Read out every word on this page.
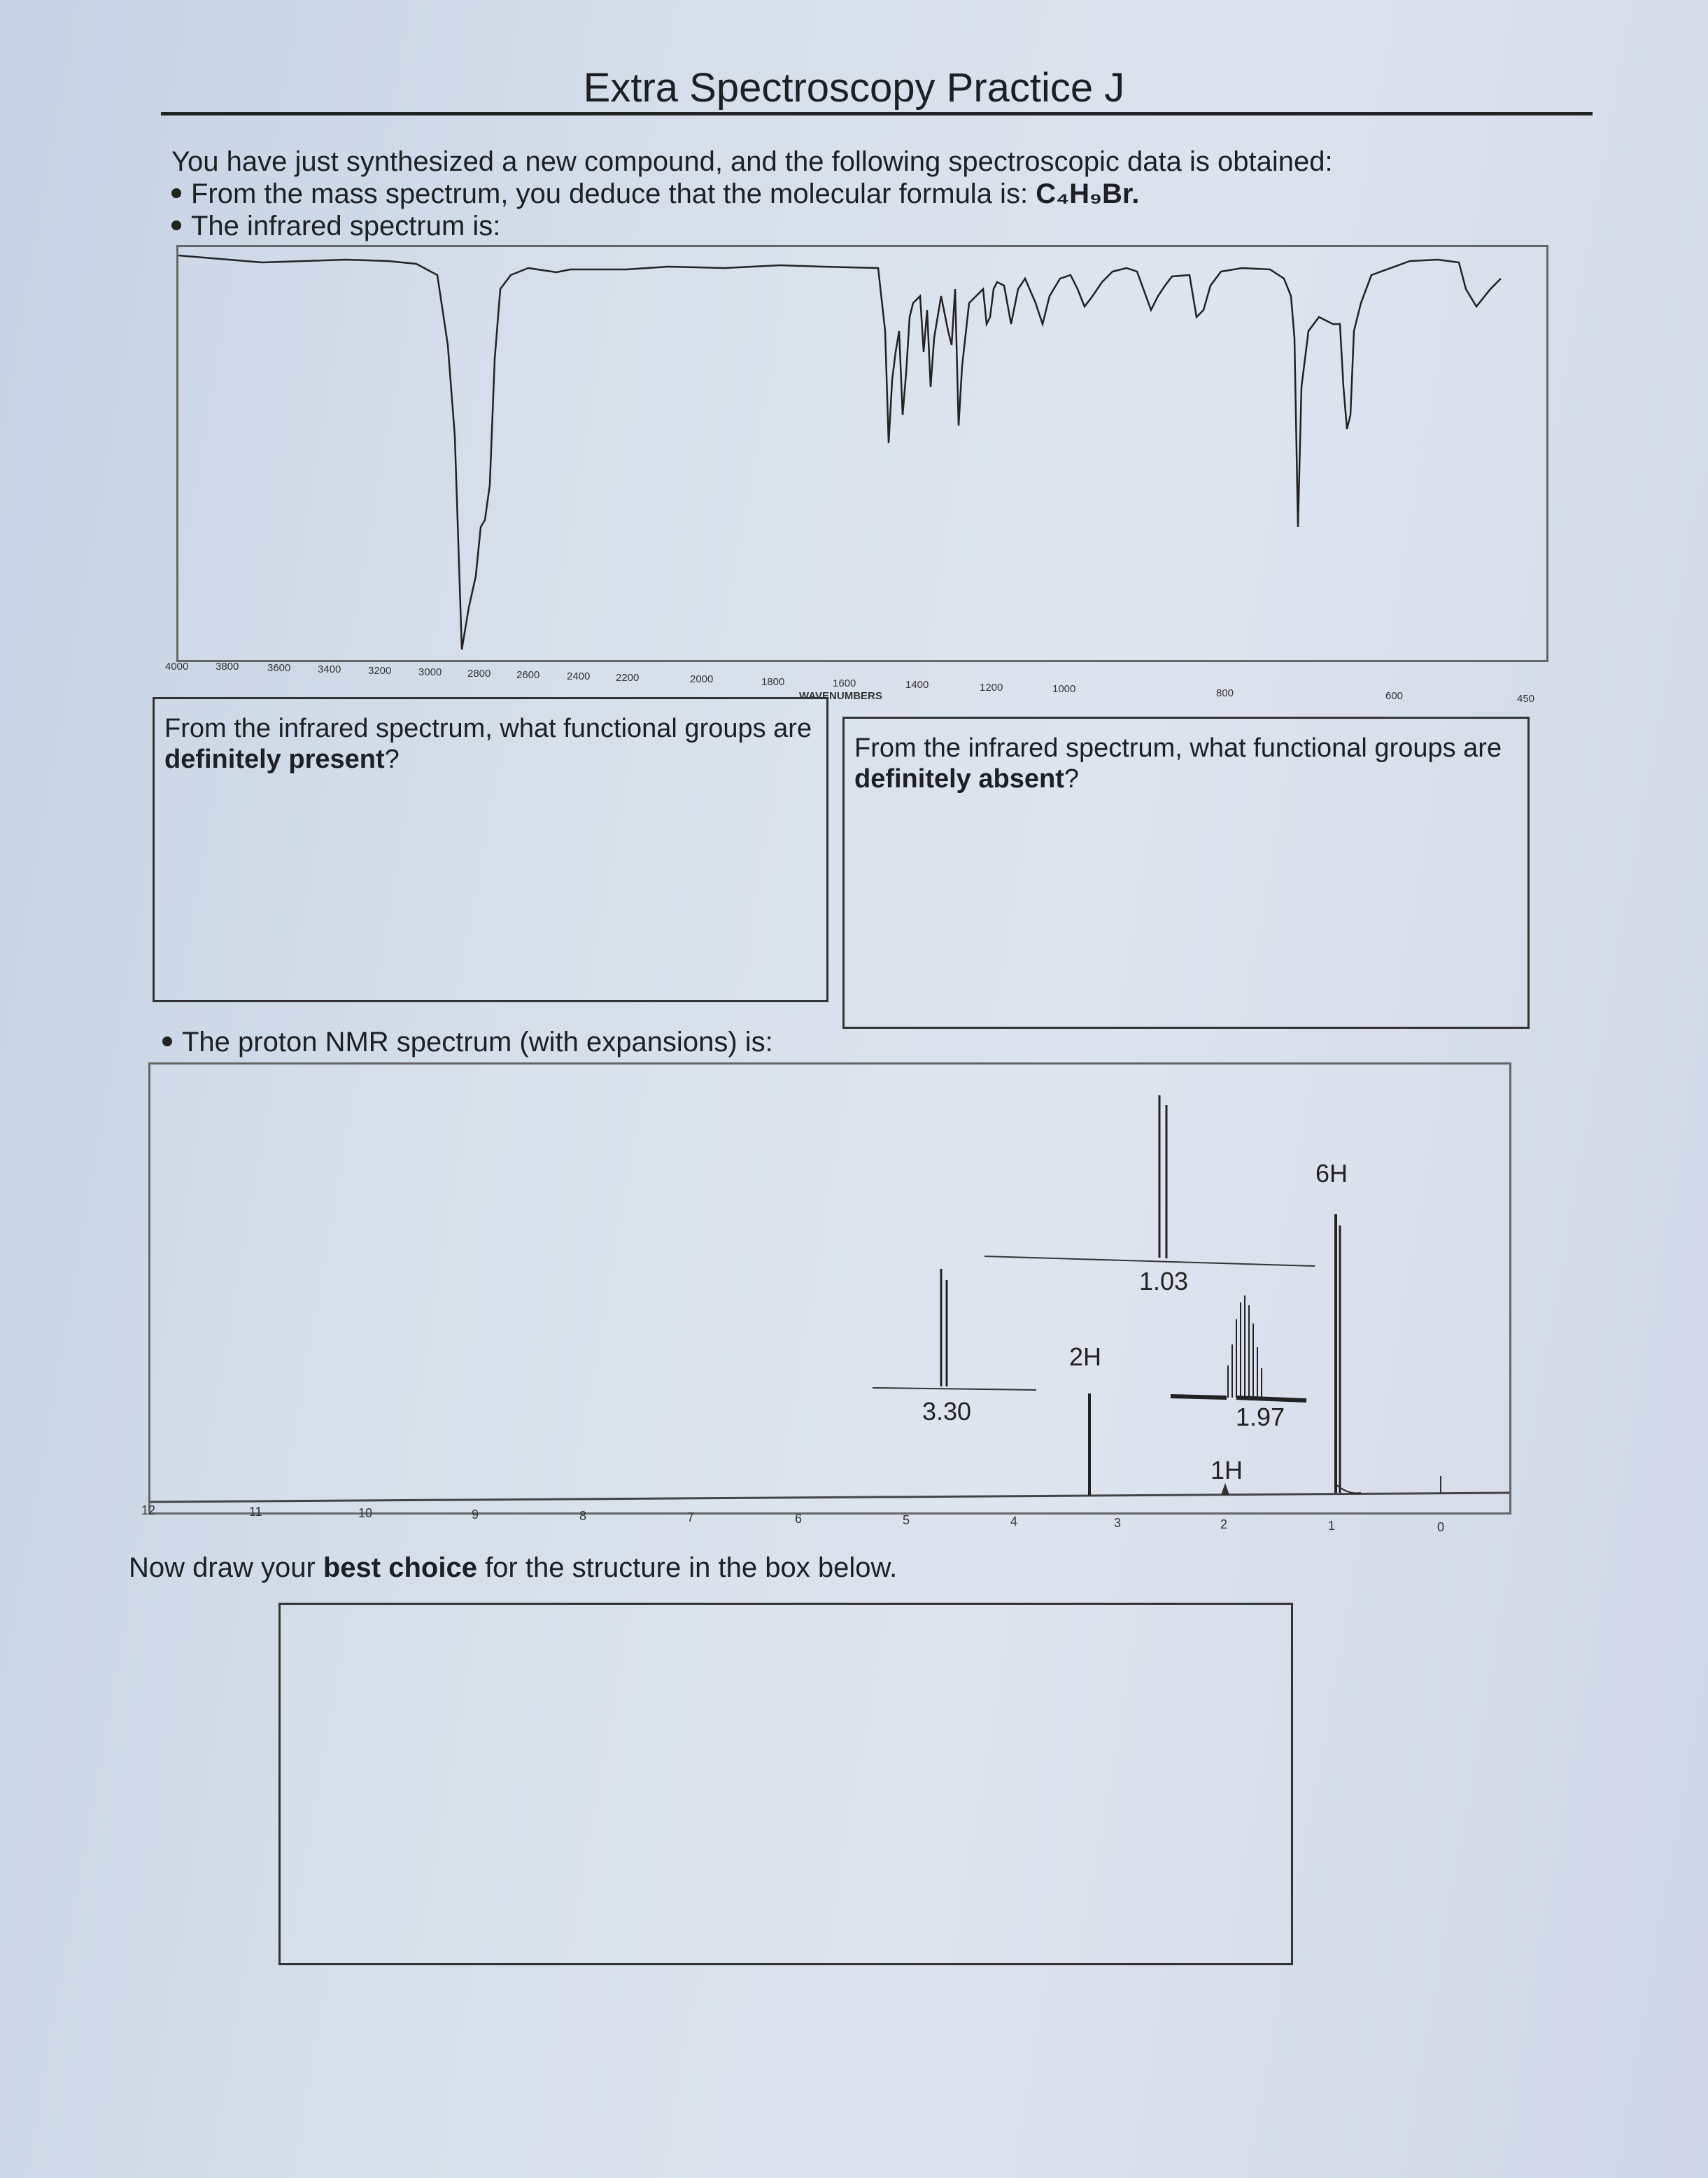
Extra Spectroscopy Practice J
You have just synthesized a new compound, and the following spectroscopic data is obtained:
From the mass spectrum, you deduce that the molecular formula is: C₄H₉Br.
The infrared spectrum is:
4000	3800	3600	3400	3200	3000 2800 2600	2400 2200	2000	1800	1600
WAVENUMBERS
1400	1200	1000	800	600	450
From the infrared spectrum, what functional groups are definitely present?	From the infrared spectrum, what functional groups are definitely absent?
The proton NMR spectrum (with expansions) is:
3.30
1.03
1.97
2H
6H
1H
12	11	10	9	8	7	6	5	4	3	2	1	0
Now draw your best choice for the structure in the box below.
